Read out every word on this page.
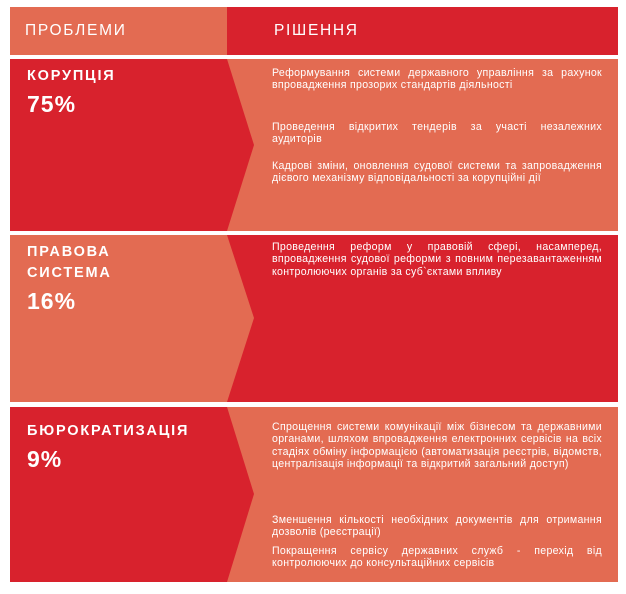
ПРОБЛЕМИ	РІШЕННЯ
КОРУПЦІЯ
75%

Реформування системи державного управління за рахунок впровадження прозорих стандартів діяльності

Проведення відкритих тендерів за участі незалежних аудиторів

Кадрові зміни, оновлення судової системи та запровадження дієвого механізму відповідальності за корупційні дії

ПРАВОВА
СИСТЕМА
16%

Проведення реформ у правовій сфері, насамперед, впровадження судової реформи з повним перезавантаженням контролюючих органів за суб`єктами впливу

БЮРОКРАТИЗАЦІЯ
9%

Спрощення системи комунікації між бізнесом та державними органами, шляхом впровадження електронних сервісів на всіх стадіях обміну інформацією (автоматизація реєстрів, відомств, централізація інформації та відкритий загальний доступ)

Зменшення кількості необхідних документів для отримання дозволів (реєстрації)

Покращення сервісу державних служб - перехід від контролюючих до консультаційних сервісів
